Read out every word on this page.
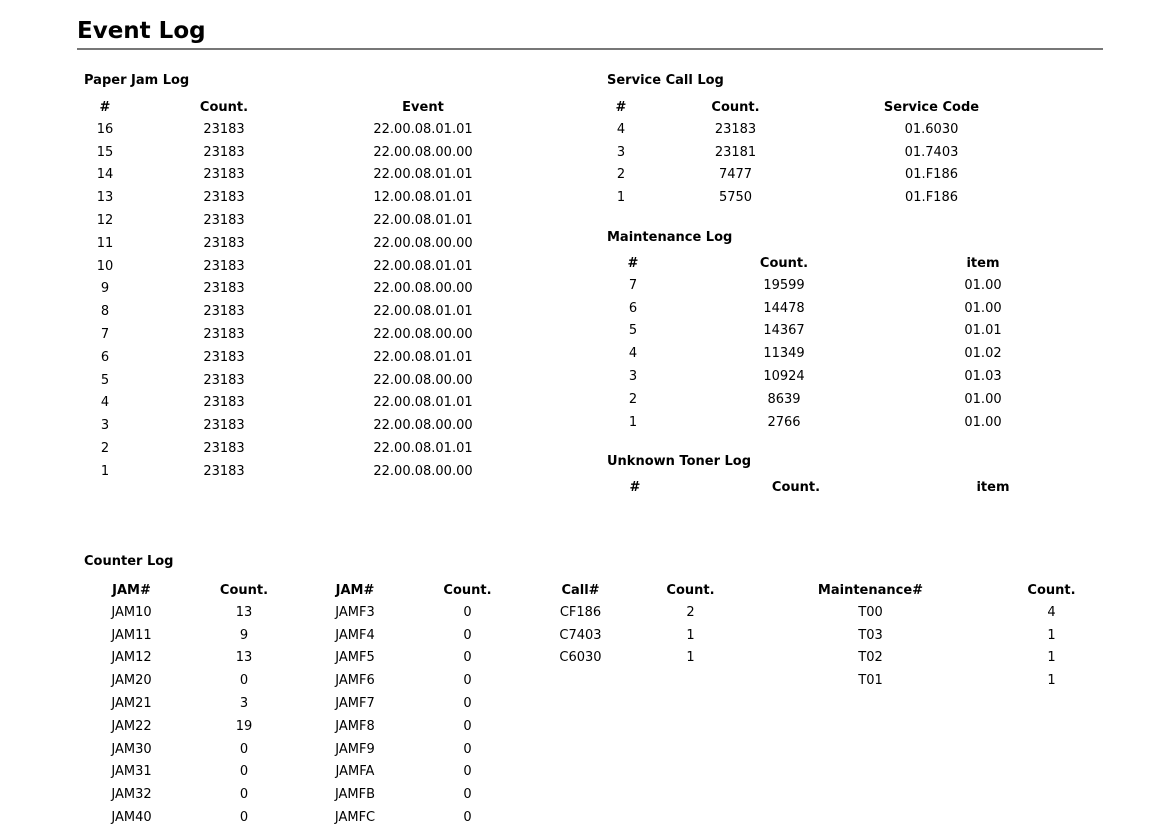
Event Log
Paper Jam Log
#	Count.	Event
16	23183	22.00.08.01.01
15	23183	22.00.08.00.00
14	23183	22.00.08.01.01
13	23183	12.00.08.01.01
12	23183	22.00.08.01.01
11	23183	22.00.08.00.00
10	23183	22.00.08.01.01
9	23183	22.00.08.00.00
8	23183	22.00.08.01.01
7	23183	22.00.08.00.00
6	23183	22.00.08.01.01
5	23183	22.00.08.00.00
4	23183	22.00.08.01.01
3	23183	22.00.08.00.00
2	23183	22.00.08.01.01
1	23183	22.00.08.00.00
Service Call Log
#	Count.	Service Code
4	23183	01.6030
3	23181	01.7403
2	7477	01.F186
1	5750	01.F186
Maintenance Log
#	Count.	item
7	19599	01.00
6	14478	01.00
5	14367	01.01
4	11349	01.02
3	10924	01.03
2	8639	01.00
1	2766	01.00
Unknown Toner Log
#	Count.	item
Counter Log
JAM#	Count.
JAM10	13
JAM11	9
JAM12	13
JAM20	0
JAM21	3
JAM22	19
JAM30	0
JAM31	0
JAM32	0
JAM40	0
JAM#	Count.
JAMF3	0
JAMF4	0
JAMF5	0
JAMF6	0
JAMF7	0
JAMF8	0
JAMF9	0
JAMFA	0
JAMFB	0
JAMFC	0
Call#	Count.
CF186	2
C7403	1
C6030	1
Maintenance#	Count.
T00	4
T03	1
T02	1
T01	1
